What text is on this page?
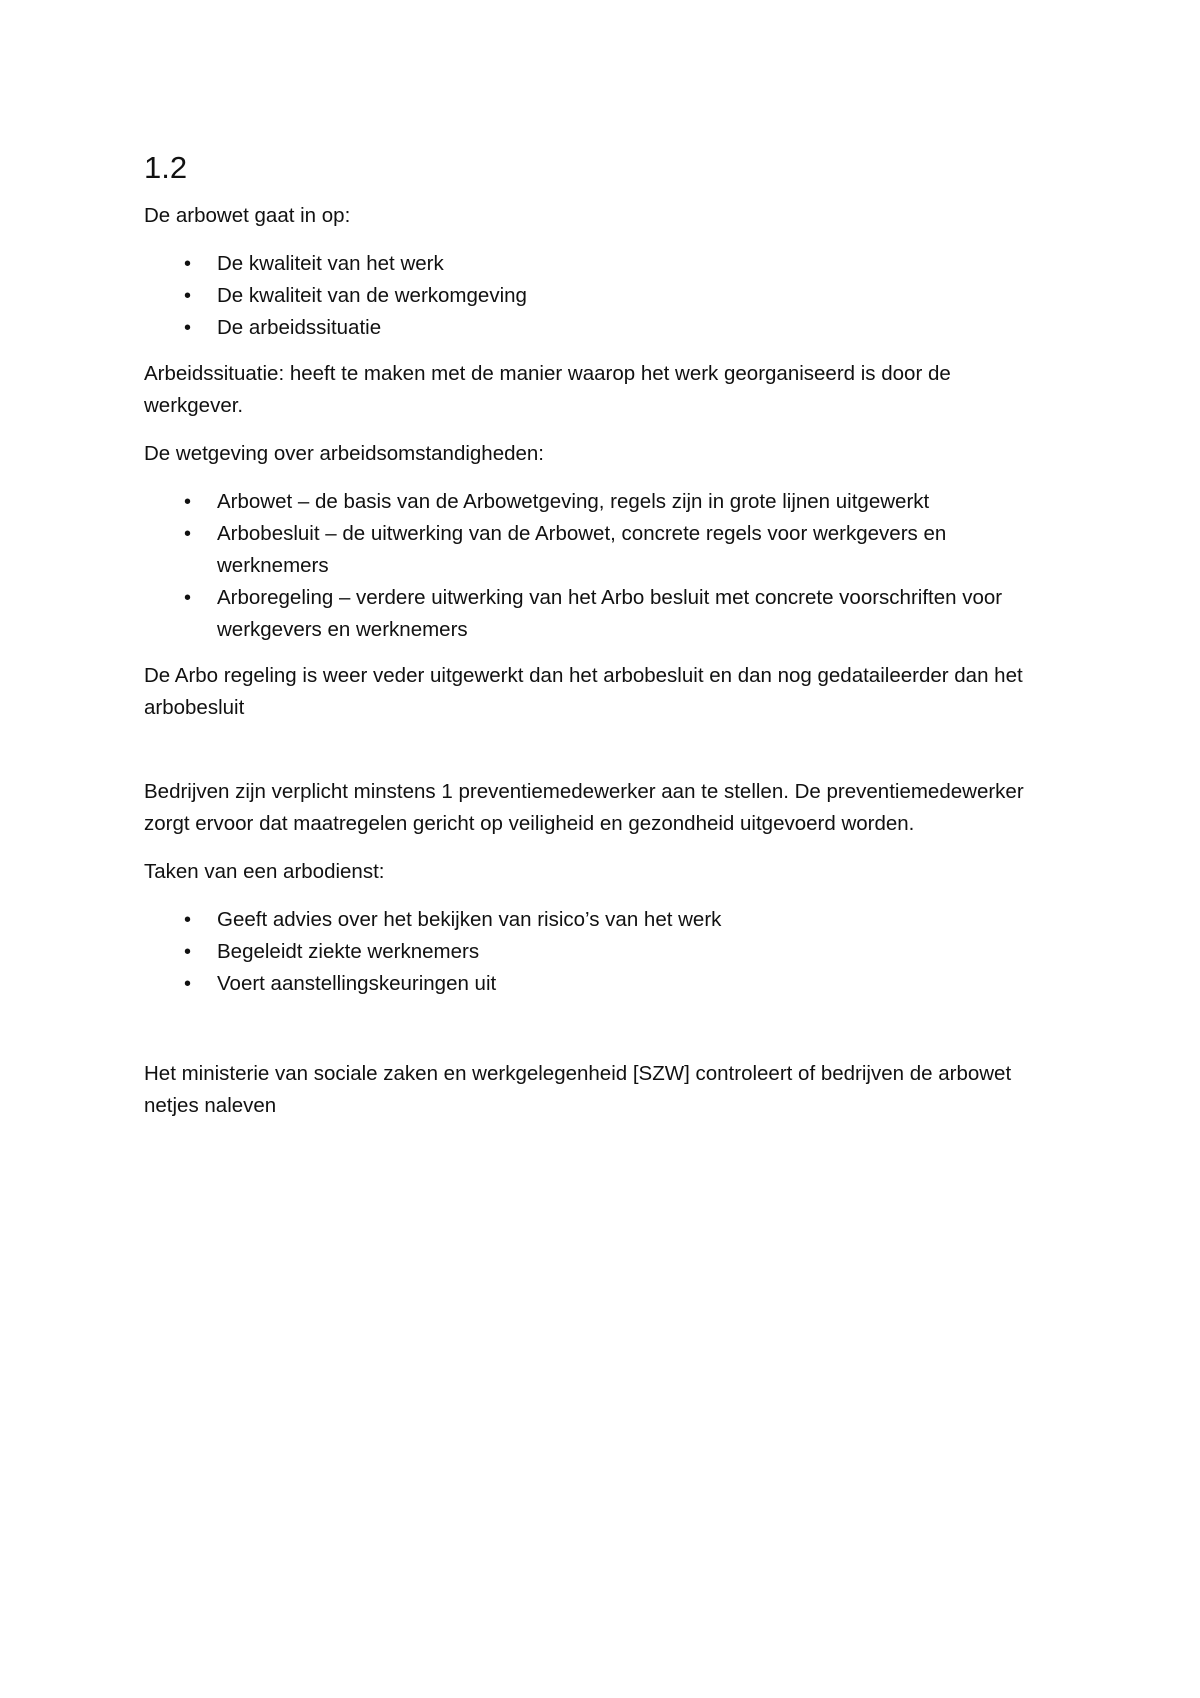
1.2

De arbowet gaat in op:

•	De kwaliteit van het werk
•	De kwaliteit van de werkomgeving
•	De arbeidssituatie

Arbeidssituatie: heeft te maken met de manier waarop het werk georganiseerd is door de werkgever.

De wetgeving over arbeidsomstandigheden:

•	Arbowet – de basis van de Arbowetgeving, regels zijn in grote lijnen uitgewerkt
•	Arbobesluit – de uitwerking van de Arbowet, concrete regels voor werkgevers en werknemers
•	Arboregeling – verdere uitwerking van het Arbo besluit met concrete voorschriften voor werkgevers en werknemers

De Arbo regeling is weer veder uitgewerkt dan het arbobesluit en dan nog gedataileerder dan het arbobesluit

Bedrijven zijn verplicht minstens 1 preventiemedewerker aan te stellen. De preventiemedewerker zorgt ervoor dat maatregelen gericht op veiligheid en gezondheid uitgevoerd worden.

Taken van een arbodienst:

•	Geeft advies over het bekijken van risico’s van het werk
•	Begeleidt ziekte werknemers
•	Voert aanstellingskeuringen uit

Het ministerie van sociale zaken en werkgelegenheid [SZW] controleert of bedrijven de arbowet netjes naleven
